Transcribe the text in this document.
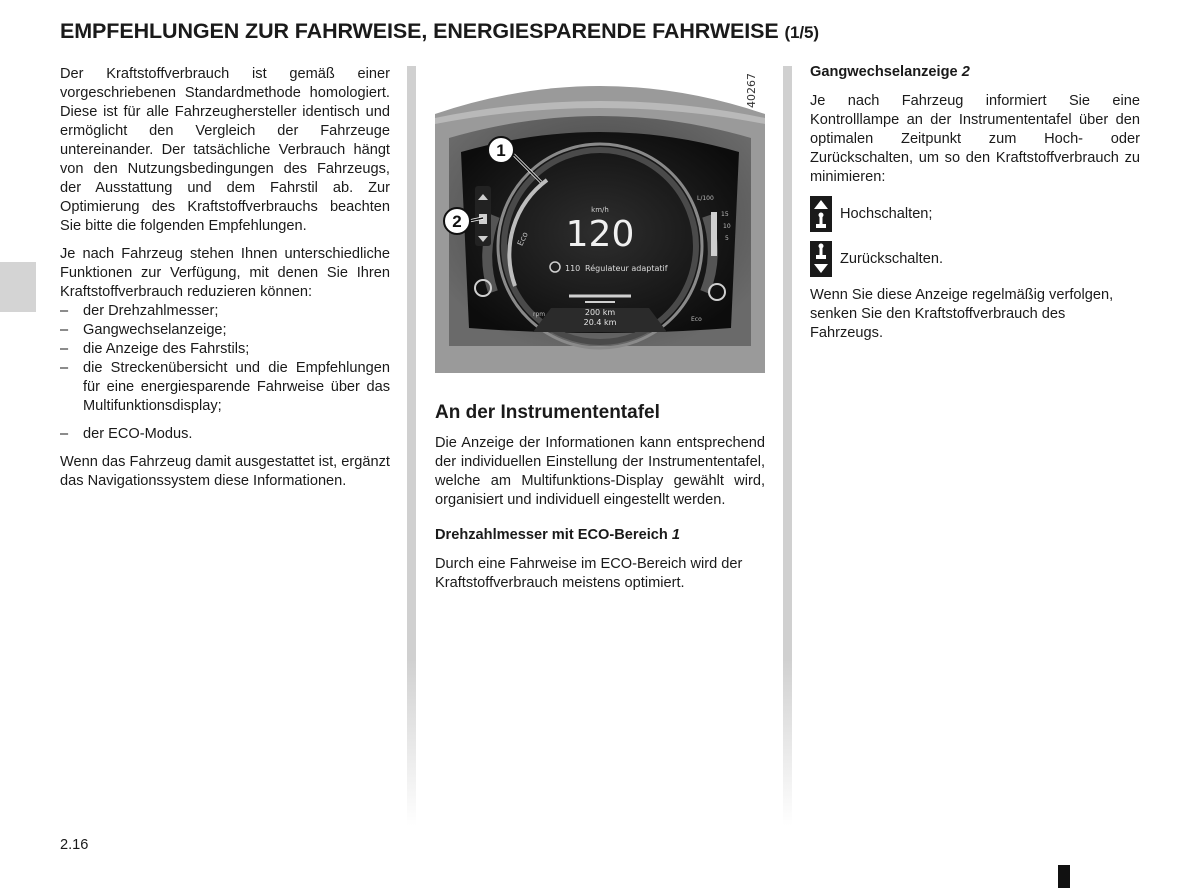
EMPFEHLUNGEN ZUR FAHRWEISE, ENERGIESPARENDE FAHRWEISE (1/5)

Der Kraftstoffverbrauch ist gemäß einer vorgeschriebenen Standardmethode homologiert. Diese ist für alle Fahrzeughersteller identisch und ermöglicht den Vergleich der Fahrzeuge untereinander. Der tatsächliche Verbrauch hängt von den Nutzungsbedingungen des Fahrzeugs, der Ausstattung und dem Fahrstil ab. Zur Optimierung des Kraftstoffverbrauchs beachten Sie bitte die folgenden Empfehlungen.

Je nach Fahrzeug stehen Ihnen unterschiedliche Funktionen zur Verfügung, mit denen Sie Ihren Kraftstoffverbrauch reduzieren können:

– der Drehzahlmesser;
– Gangwechselanzeige;
– die Anzeige des Fahrstils;
– die Streckenübersicht und die Empfehlungen für eine energiesparende Fahrweise über das Multifunktionsdisplay;
– der ECO-Modus.

Wenn das Fahrzeug damit ausgestattet ist, ergänzt das Navigationssystem diese Informationen.

40267
km/h
120
Eco
110 Régulateur adaptatif
200 km
20.4 km
rpm
Eco
L/100
15
10
5
1
2
An der Instrumententafel

Die Anzeige der Informationen kann entsprechend der individuellen Einstellung der Instrumententafel, welche am Multifunktions-Display gewählt wird, organisiert und individuell eingestellt werden.

Drehzahlmesser mit ECO-Bereich 1

Durch eine Fahrweise im ECO-Bereich wird der Kraftstoffverbrauch meistens optimiert.

Gangwechselanzeige 2

Je nach Fahrzeug informiert Sie eine Kontrolllampe an der Instrumententafel über den optimalen Zeitpunkt zum Hoch- oder Zurückschalten, um so den Kraftstoffverbrauch zu minimieren:

Hochschalten;
Zurückschalten.

Wenn Sie diese Anzeige regelmäßig verfolgen, senken Sie den Kraftstoffverbrauch des Fahrzeugs.

2.16
